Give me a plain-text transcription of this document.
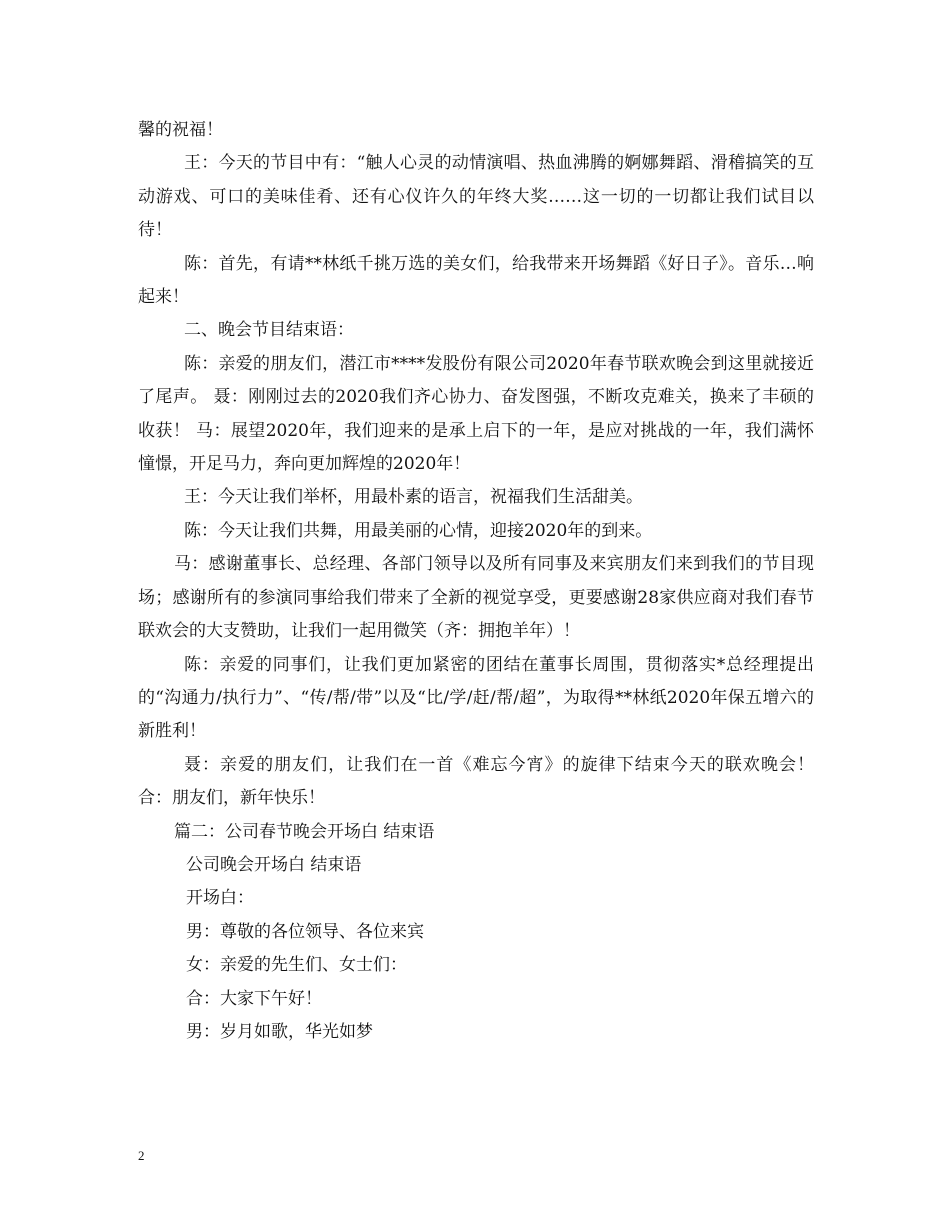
馨的祝福！

王：今天的节目中有：“触人心灵的动情演唱、热血沸腾的婀娜舞蹈、滑稽搞笑的互动游戏、可口的美味佳肴、还有心仪许久的年终大奖……这一切的一切都让我们试目以待！

陈：首先，有请**林纸千挑万选的美女们，给我带来开场舞蹈《好日子》。音乐…响起来！

二、晚会节目结束语：

陈：亲爱的朋友们，潜江市****发股份有限公司2020年春节联欢晚会到这里就接近了尾声。 聂：刚刚过去的2020我们齐心协力、奋发图强，不断攻克难关，换来了丰硕的收获！ 马：展望2020年，我们迎来的是承上启下的一年，是应对挑战的一年，我们满怀憧憬，开足马力，奔向更加辉煌的2020年！

王：今天让我们举杯，用最朴素的语言，祝福我们生活甜美。

陈：今天让我们共舞，用最美丽的心情，迎接2020年的到来。

马：感谢董事长、总经理、各部门领导以及所有同事及来宾朋友们来到我们的节目现场；感谢所有的参演同事给我们带来了全新的视觉享受，更要感谢28家供应商对我们春节联欢会的大支赞助，让我们一起用微笑（齐：拥抱羊年）！

陈：亲爱的同事们，让我们更加紧密的团结在董事长周围，贯彻落实*总经理提出的“沟通力/执行力”、“传/帮/带”以及“比/学/赶/帮/超”，为取得**林纸2020年保五增六的新胜利！

聂：亲爱的朋友们，让我们在一首《难忘今宵》的旋律下结束今天的联欢晚会！ 合：朋友们，新年快乐！

篇二：公司春节晚会开场白 结束语

公司晚会开场白 结束语

开场白：

男：尊敬的各位领导、各位来宾

女：亲爱的先生们、女士们：

合：大家下午好！

男：岁月如歌，华光如梦

2
